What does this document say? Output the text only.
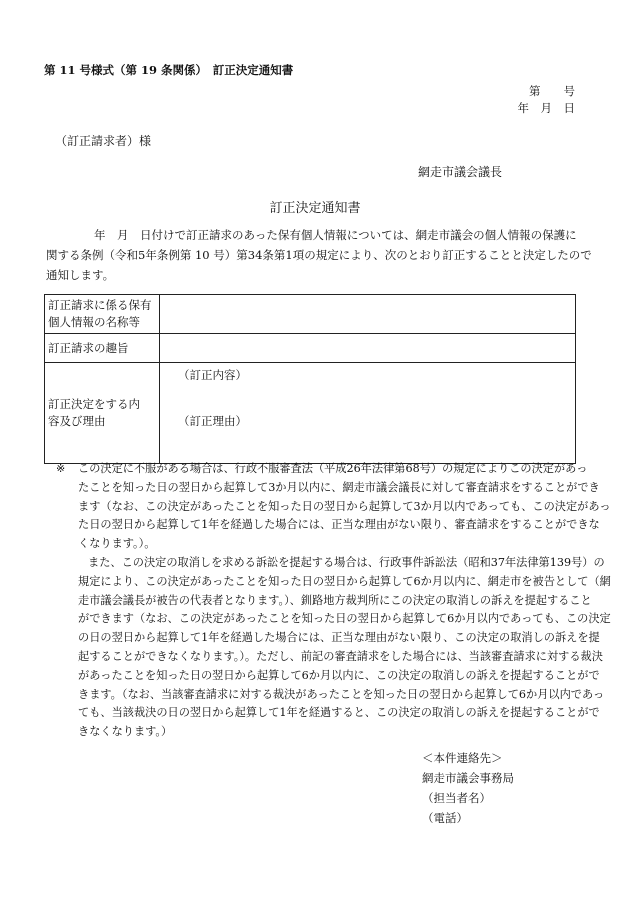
第 11 号様式（第 19 条関係）　訂正決定通知書
第　　号
年　月　日
（訂正請求者）様
網走市議会議長
訂正決定通知書
年　月　日付けで訂正請求のあった保有個人情報については、網走市議会の個人情報の保護に
関する条例（令和5年条例第 10 号）第34条第1項の規定により、次のとおり訂正することと決定したので
通知します。
訂正請求に係る保有
個人情報の名称等	
訂正請求の趣旨	
訂正決定をする内
容及び理由	（訂正内容）
（訂正理由）
※ この決定に不服がある場合は、行政不服審査法（平成26年法律第68号）の規定によりこの決定があっ
たことを知った日の翌日から起算して3か月以内に、網走市議会議長に対して審査請求をすることができ
ます（なお、この決定があったことを知った日の翌日から起算して3か月以内であっても、この決定があっ
た日の翌日から起算して1年を経過した場合には、正当な理由がない限り、審査請求をすることができな
くなります。）。
また、この決定の取消しを求める訴訟を提起する場合は、行政事件訴訟法（昭和37年法律第139号）の
規定により、この決定があったことを知った日の翌日から起算して6か月以内に、網走市を被告として（網
走市議会議長が被告の代表者となります。）、釧路地方裁判所にこの決定の取消しの訴えを提起すること
ができます（なお、この決定があったことを知った日の翌日から起算して6か月以内であっても、この決定
の日の翌日から起算して1年を経過した場合には、正当な理由がない限り、この決定の取消しの訴えを提
起することができなくなります。）。ただし、前記の審査請求をした場合には、当該審査請求に対する裁決
があったことを知った日の翌日から起算して6か月以内に、この決定の取消しの訴えを提起することがで
きます。（なお、当該審査請求に対する裁決があったことを知った日の翌日から起算して6か月以内であっ
ても、当該裁決の日の翌日から起算して1年を経過すると、この決定の取消しの訴えを提起することがで
きなくなります。）
＜本件連絡先＞
網走市議会事務局
（担当者名）
（電話）
